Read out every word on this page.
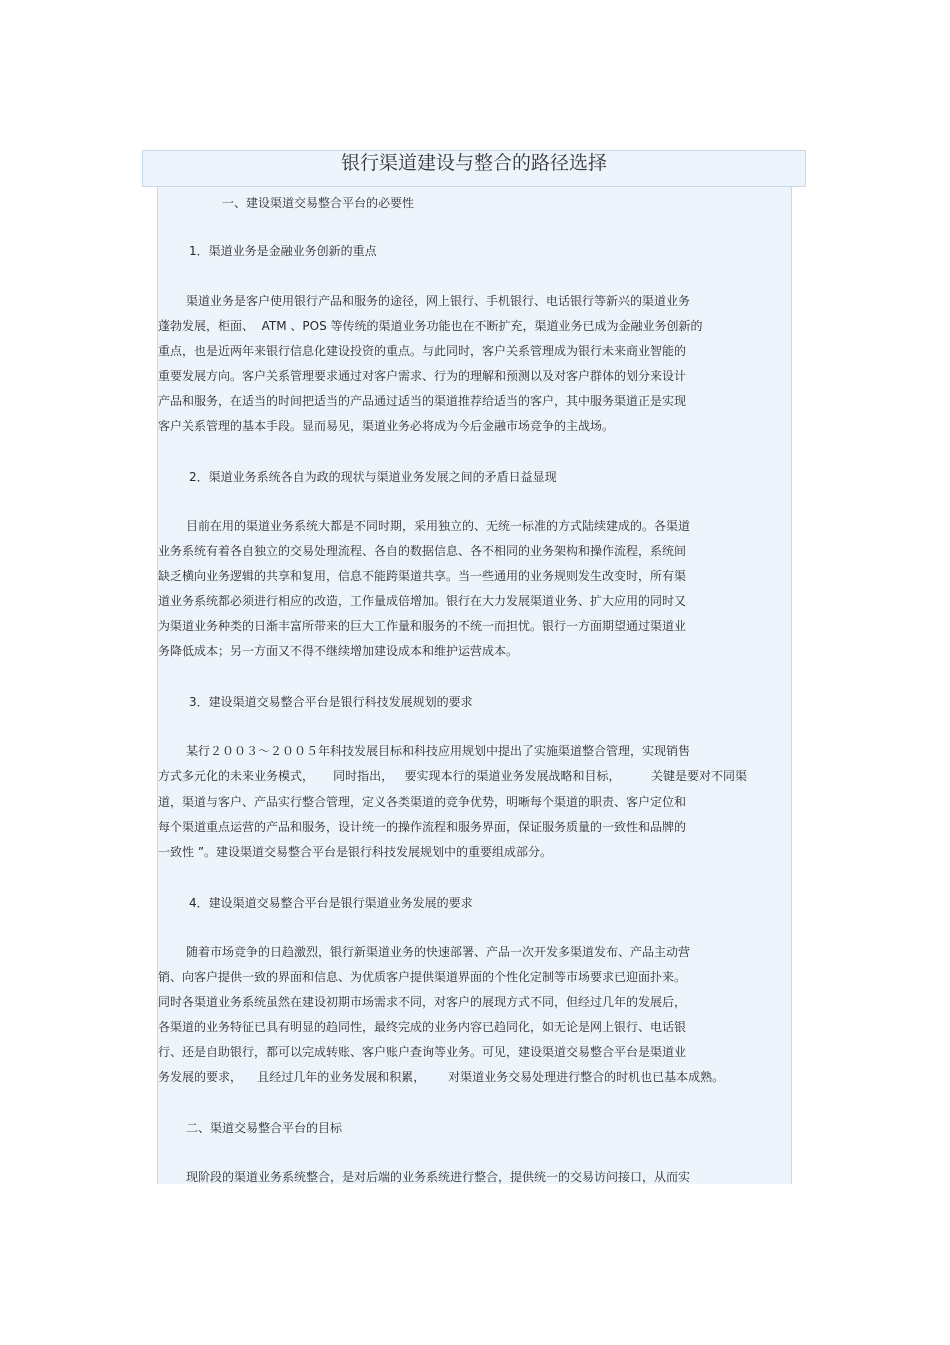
银行渠道建设与整合的路径选择

一、建设渠道交易整合平台的必要性

1．渠道业务是金融业务创新的重点

渠道业务是客户使用银行产品和服务的途径，网上银行、手机银行、电话银行等新兴的渠道业务

蓬勃发展，柜面、  ATM 、POS 等传统的渠道业务功能也在不断扩充，渠道业务已成为金融业务创新的

重点，也是近两年来银行信息化建设投资的重点。与此同时，客户关系管理成为银行未来商业智能的

重要发展方向。客户关系管理要求通过对客户需求、行为的理解和预测以及对客户群体的划分来设计

产品和服务，在适当的时间把适当的产品通过适当的渠道推荐给适当的客户，其中服务渠道正是实现

客户关系管理的基本手段。显而易见，渠道业务必将成为今后金融市场竞争的主战场。

2．渠道业务系统各自为政的现状与渠道业务发展之间的矛盾日益显现

目前在用的渠道业务系统大都是不同时期，采用独立的、无统一标准的方式陆续建成的。各渠道

业务系统有着各自独立的交易处理流程、各自的数据信息、各不相同的业务架构和操作流程，系统间

缺乏横向业务逻辑的共享和复用，信息不能跨渠道共享。当一些通用的业务规则发生改变时，所有渠

道业务系统都必须进行相应的改造，工作量成倍增加。银行在大力发展渠道业务、扩大应用的同时又

为渠道业务种类的日渐丰富所带来的巨大工作量和服务的不统一而担忧。银行一方面期望通过渠道业

务降低成本；另一方面又不得不继续增加建设成本和维护运营成本。

3．建设渠道交易整合平台是银行科技发展规划的要求

某行２００３～２００５年科技发展目标和科技应用规划中提出了实施渠道整合管理，实现销售

方式多元化的未来业务模式，     同时指出，   要实现本行的渠道业务发展战略和目标，        关键是要对不同渠

道，渠道与客户、产品实行整合管理，定义各类渠道的竞争优势，明晰每个渠道的职责、客户定位和

每个渠道重点运营的产品和服务，设计统一的操作流程和服务界面，保证服务质量的一致性和品牌的

一致性 ”。建设渠道交易整合平台是银行科技发展规划中的重要组成部分。

4．建设渠道交易整合平台是银行渠道业务发展的要求

随着市场竞争的日趋激烈，银行新渠道业务的快速部署、产品一次开发多渠道发布、产品主动营

销、向客户提供一致的界面和信息、为优质客户提供渠道界面的个性化定制等市场要求已迎面扑来。

同时各渠道业务系统虽然在建设初期市场需求不同，对客户的展现方式不同，但经过几年的发展后，

各渠道的业务特征已具有明显的趋同性，最终完成的业务内容已趋同化，如无论是网上银行、电话银

行、还是自助银行，都可以完成转账、客户账户查询等业务。可见，建设渠道交易整合平台是渠道业

务发展的要求，    且经过几年的业务发展和积累，      对渠道业务交易处理进行整合的时机也已基本成熟。

二、渠道交易整合平台的目标

现阶段的渠道业务系统整合，是对后端的业务系统进行整合，提供统一的交易访问接口，从而实
